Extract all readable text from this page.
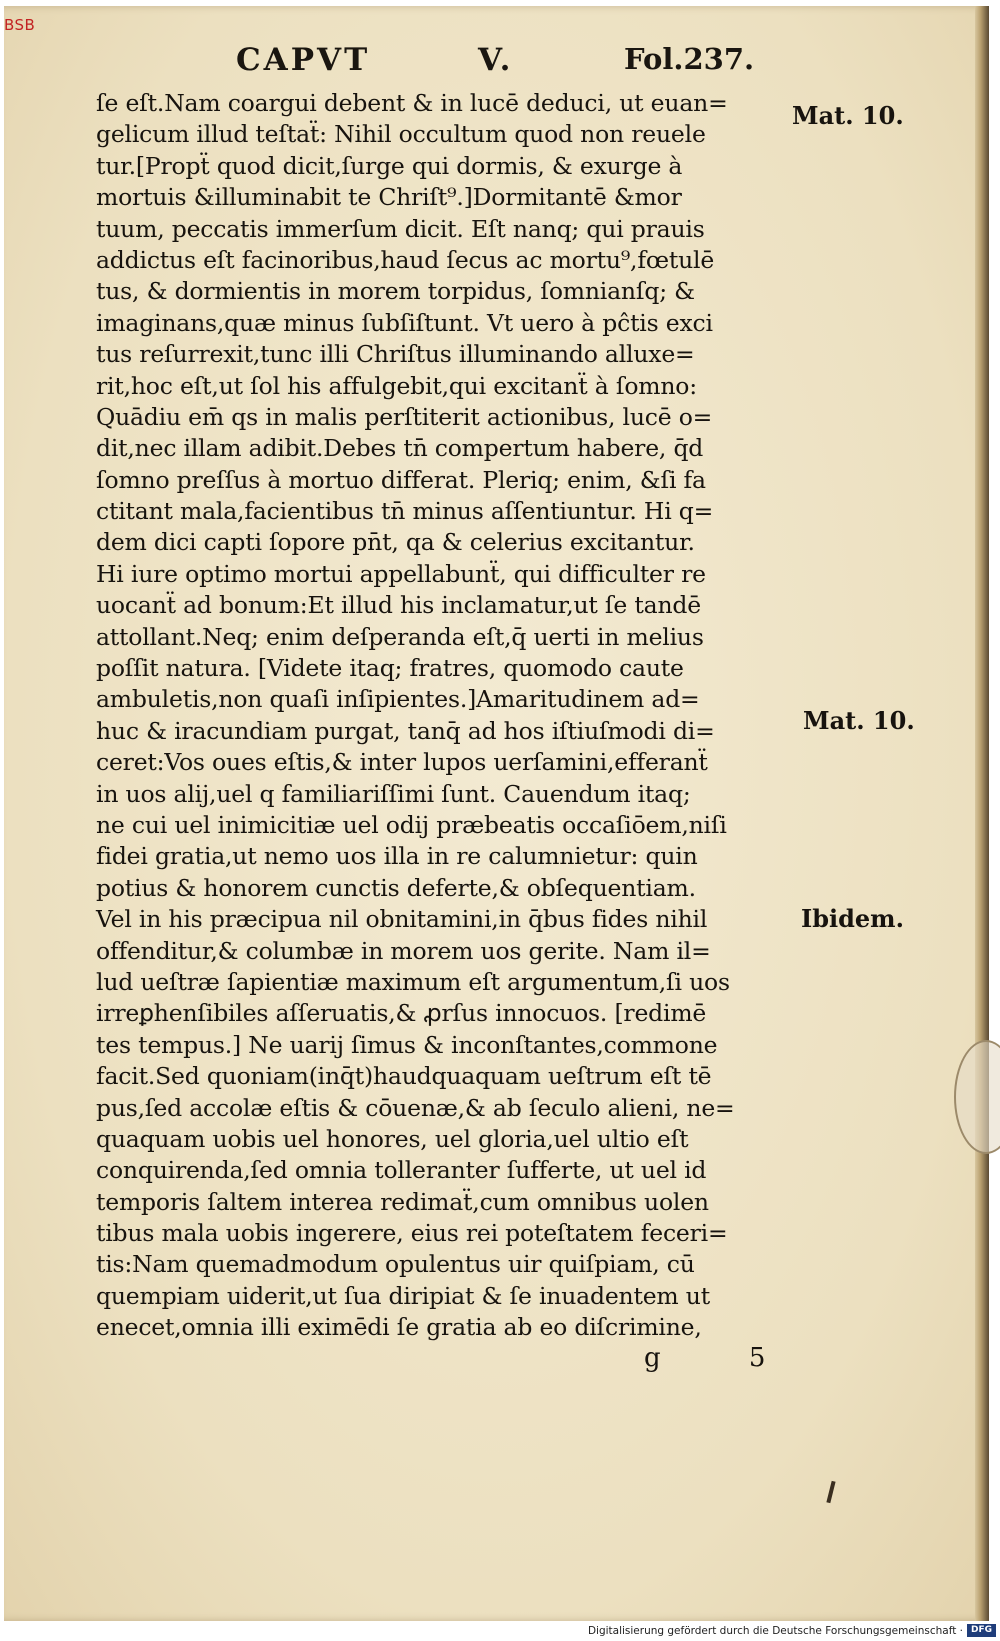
CAPVT	V.	Fol.237.
ſe eſt.Nam coargui debent & in lucē deduci, ut euan=
gelicum illud teſtaẗ: Nihil occultum quod non reuele
tur.[Propẗ quod dicit,ſurge qui dormis, & exurge à
mortuis &illuminabit te Chriſt⁹.]Dormitantē &mor
tuum, peccatis immerſum dicit. Eſt nanq; qui prauis
addictus eſt facinoribus,haud ſecus ac mortu⁹,fœtulē
tus, & dormientis in morem torpidus, ſomnianſq; &
imaginans,quæ minus ſubſiſtunt. Vt uero à pĉtis exci
tus reſurrexit,tunc illi Chriſtus illuminando alluxe=
rit,hoc eſt,ut ſol his affulgebit,qui excitanẗ à ſomno:
Quādiu em̄ qs in malis perſtiterit actionibus, lucē o=
dit,nec illam adibit.Debes tn̄ compertum habere, q̄d
ſomno preſſus à mortuo differat. Pleriq; enim, &ſi fa
ctitant mala,facientibus tn̄ minus aſſentiuntur. Hi q=
dem dici capti ſopore pn̄t, qa & celerius excitantur.
Hi iure optimo mortui appellabunẗ, qui difficulter re
uocanẗ ad bonum:Et illud his inclamatur,ut ſe tandē
attollant.Neq; enim deſperanda eſt,q̄ uerti in melius
poſſit natura. [Videte itaq; fratres, quomodo caute
ambuletis,non quaſi inſipientes.]Amaritudinem ad=
huc & iracundiam purgat, tanq̄ ad hos iſtiuſmodi di=
ceret:Vos oues eſtis,& inter lupos uerſamini,efferanẗ
in uos alij,uel q familiariſſimi ſunt. Cauendum itaq;
ne cui uel inimicitiæ uel odij præbeatis occaſiōem,niſi
fidei gratia,ut nemo uos illa in re calumnietur: quin
potius & honorem cunctis deferte,& obſequentiam.
Vel in his præcipua nil obnitamini,in q̄bus fides nihil
offenditur,& columbæ in morem uos gerite. Nam il=
lud ueſtræ ſapientiæ maximum eſt argumentum,ſi uos
irreꝑhenſibiles aſſeruatis,& ꝓrſus innocuos. [redimē
tes tempus.] Ne uarij ſimus & inconſtantes,commone
facit.Sed quoniam(inq̄t)haudquaquam ueſtrum eſt tē
pus,ſed accolæ eſtis & cōuenæ,& ab ſeculo alieni, ne=
quaquam uobis uel honores, uel gloria,uel ultio eſt
conquirenda,ſed omnia tolleranter ſufferte, ut uel id
temporis ſaltem interea redimaẗ,cum omnibus uolen
tibus mala uobis ingerere, eius rei poteſtatem feceri=
tis:Nam quemadmodum opulentus uir quiſpiam, cū
quempiam uiderit,ut ſua diripiat & ſe inuadentem ut
enecet,omnia illi eximēdi ſe gratia ab eo diſcrimine,
Mat. 10.
Mat. 10.
Ibidem.
g 5
BSB
Digitalisierung gefördert durch die Deutsche Forschungsgemeinschaft · DFG
